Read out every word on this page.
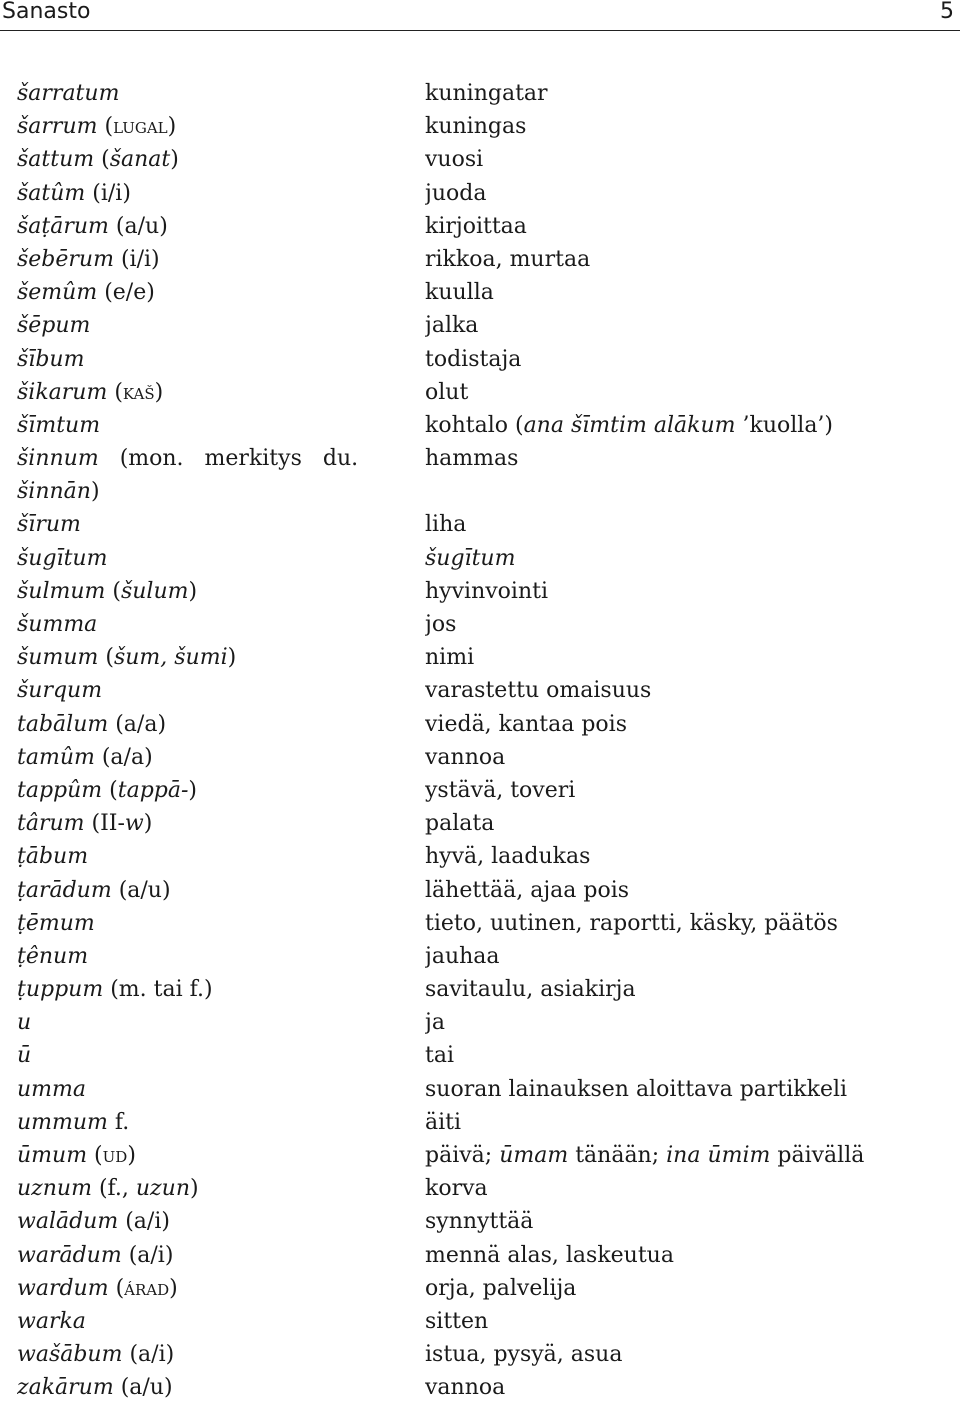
Sanasto	5
šarratum	kuningatar
šarrum (lugal)	kuningas
šattum (šanat)	vuosi
šatûm (i/i)	juoda
šaṭārum (a/u)	kirjoittaa
šebērum (i/i)	rikkoa, murtaa
šemûm (e/e)	kuulla
šēpum	jalka
šībum	todistaja
šikarum (kaš)	olut
šīmtum	kohtalo (ana šīmtim alākum ’kuolla’)
šinnum (mon. merkitys du.	hammas
šinnān)
šīrum	liha
šugītum	šugītum
šulmum (šulum)	hyvinvointi
šumma	jos
šumum (šum, šumi)	nimi
šurqum	varastettu omaisuus
tabālum (a/a)	viedä, kantaa pois
tamûm (a/a)	vannoa
tappûm (tappā-)	ystävä, toveri
târum (II-w)	palata
ṭābum	hyvä, laadukas
ṭarādum (a/u)	lähettää, ajaa pois
ṭēmum	tieto, uutinen, raportti, käsky, päätös
ṭênum	jauhaa
ṭuppum (m. tai f.)	savitaulu, asiakirja
u	ja
ū	tai
umma	suoran lainauksen aloittava partikkeli
ummum f.	äiti
ūmum (ud)	päivä; ūmam tänään; ina ūmim päivällä
uznum (f., uzun)	korva
walādum (a/i)	synnyttää
warādum (a/i)	mennä alas, laskeutua
wardum (árad)	orja, palvelija
warka	sitten
wašābum (a/i)	istua, pysyä, asua
zakārum (a/u)	vannoa
